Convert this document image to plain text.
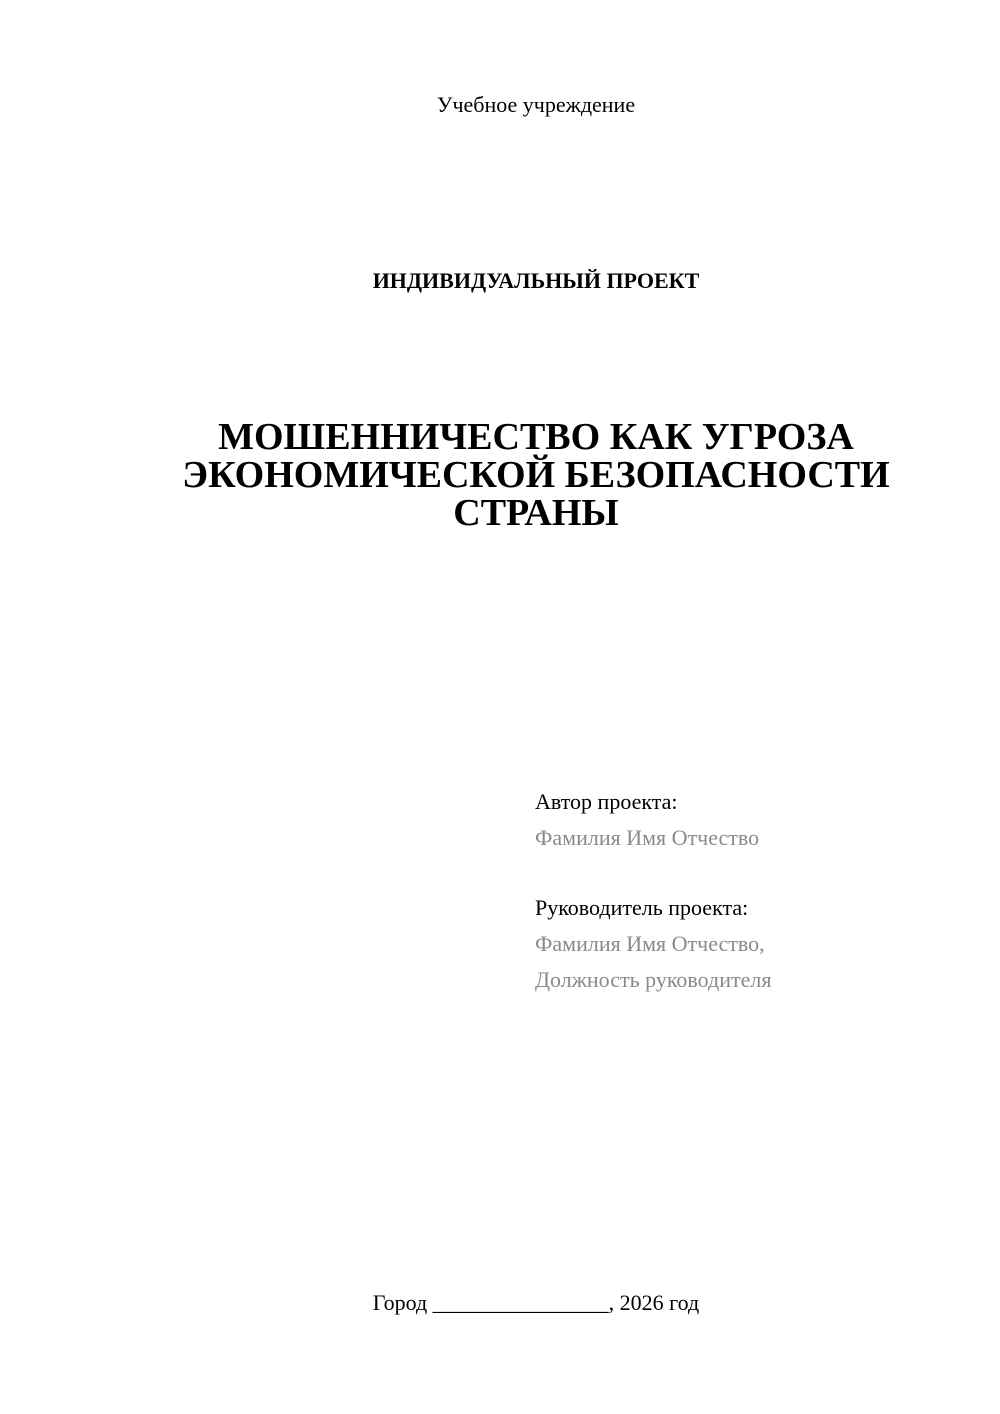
Учебное учреждение
ИНДИВИДУАЛЬНЫЙ ПРОЕКТ
МОШЕННИЧЕСТВО КАК УГРОЗА
ЭКОНОМИЧЕСКОЙ БЕЗОПАСНОСТИ
СТРАНЫ
Автор проекта:
Фамилия Имя Отчество
Руководитель проекта:
Фамилия Имя Отчество,
Должность руководителя
Город ________________, 2026 год
